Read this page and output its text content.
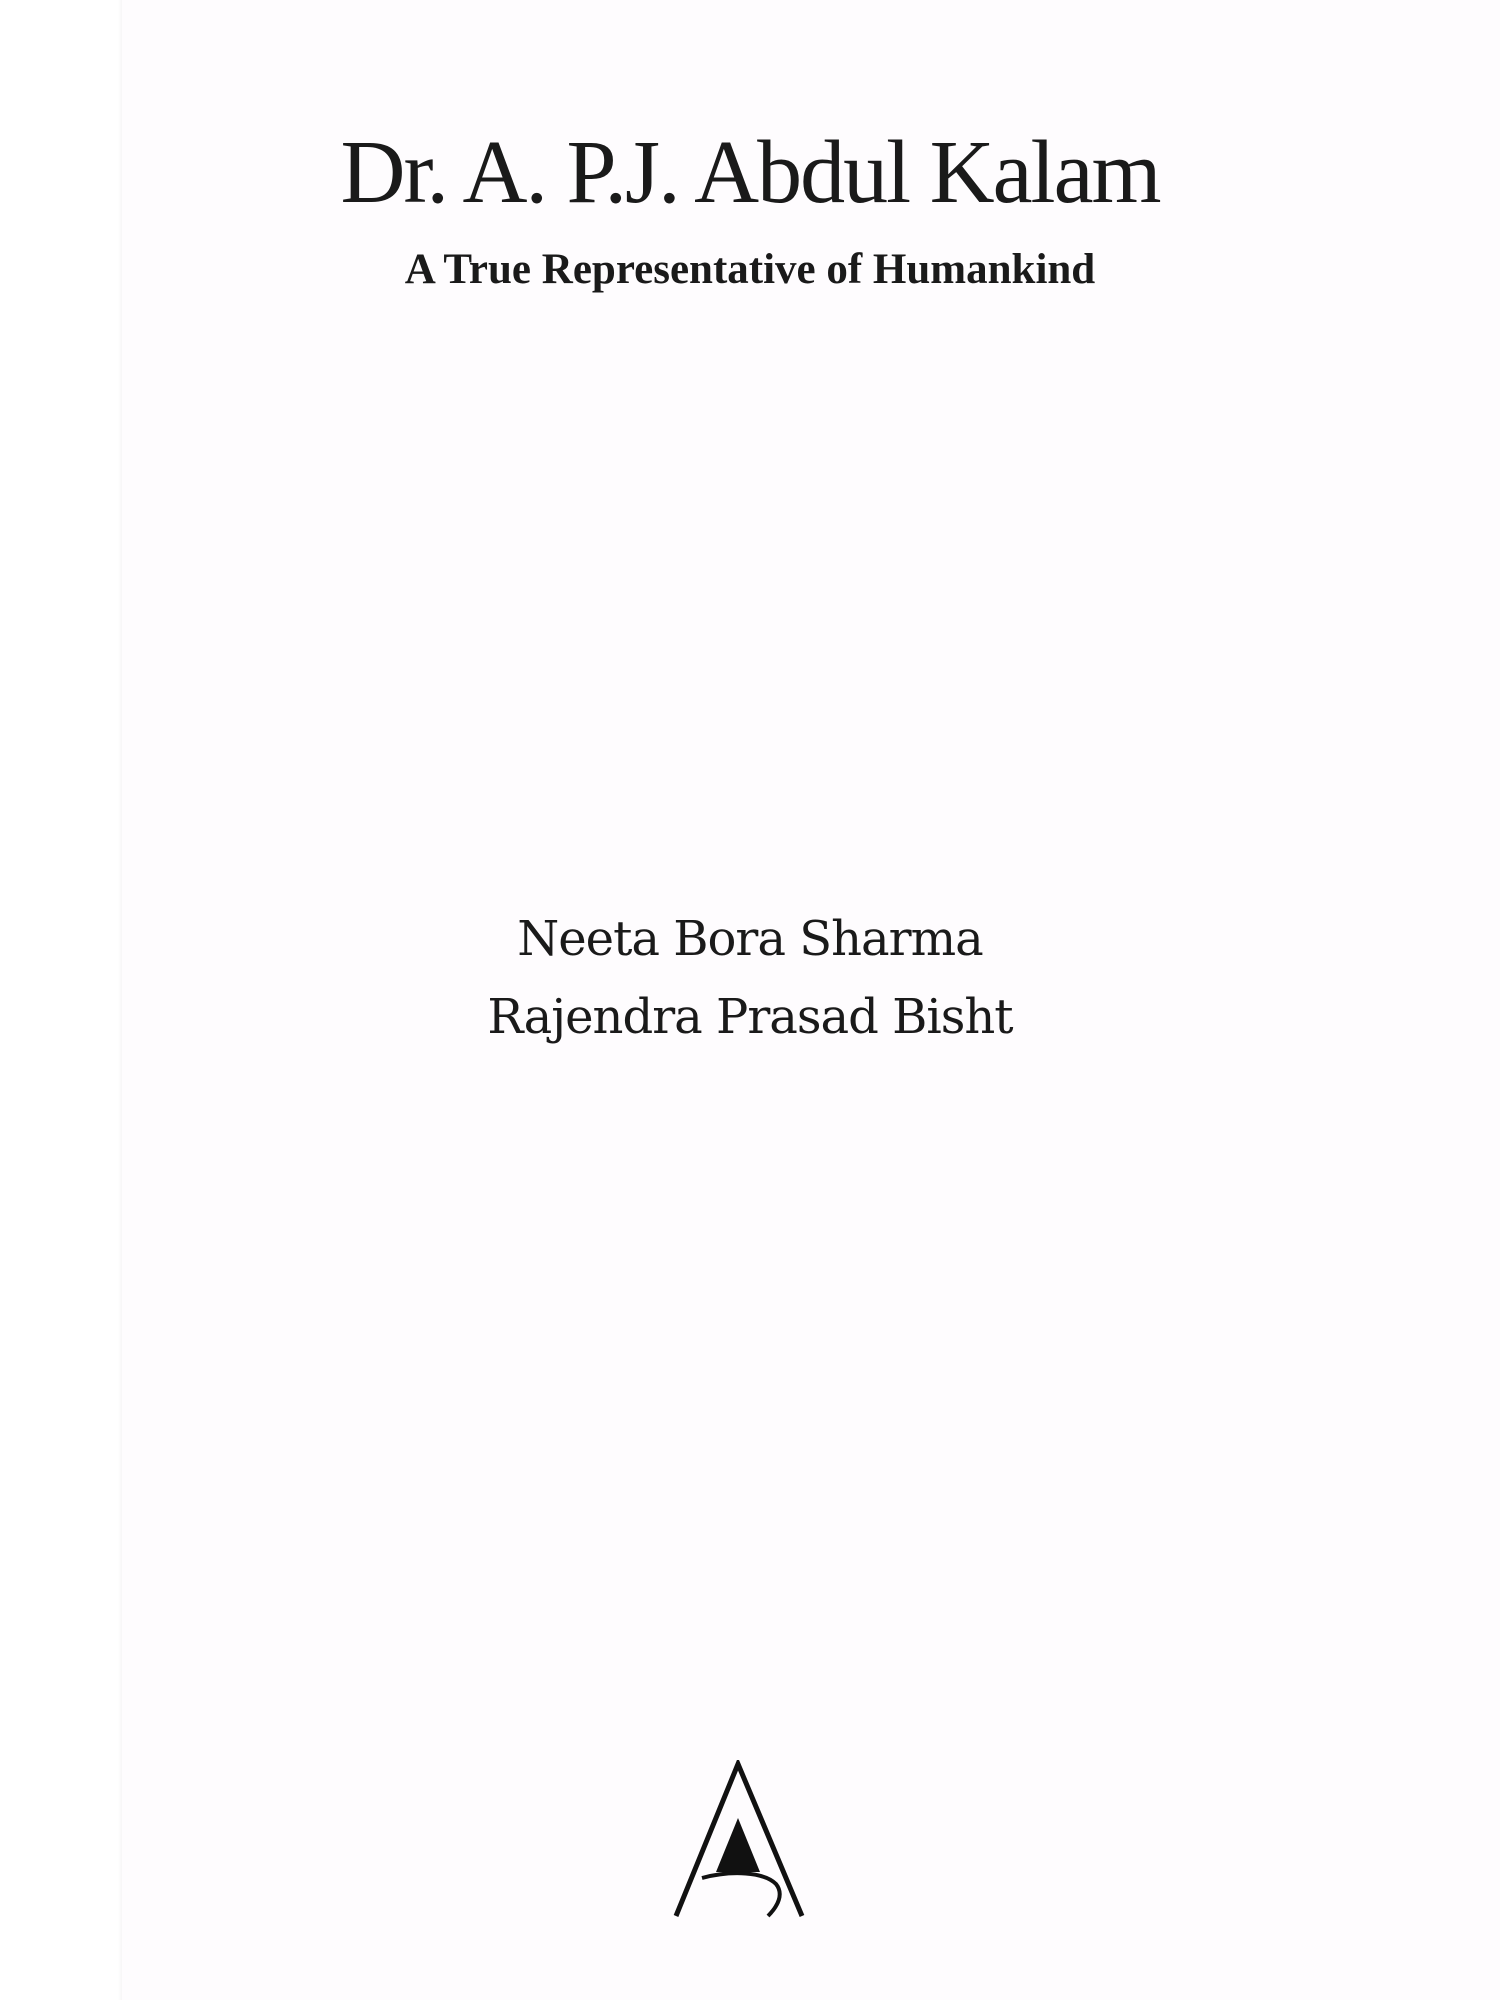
Dr. A. P.J. Abdul Kalam
A True Representative of Humankind
Neeta Bora Sharma
Rajendra Prasad Bisht
